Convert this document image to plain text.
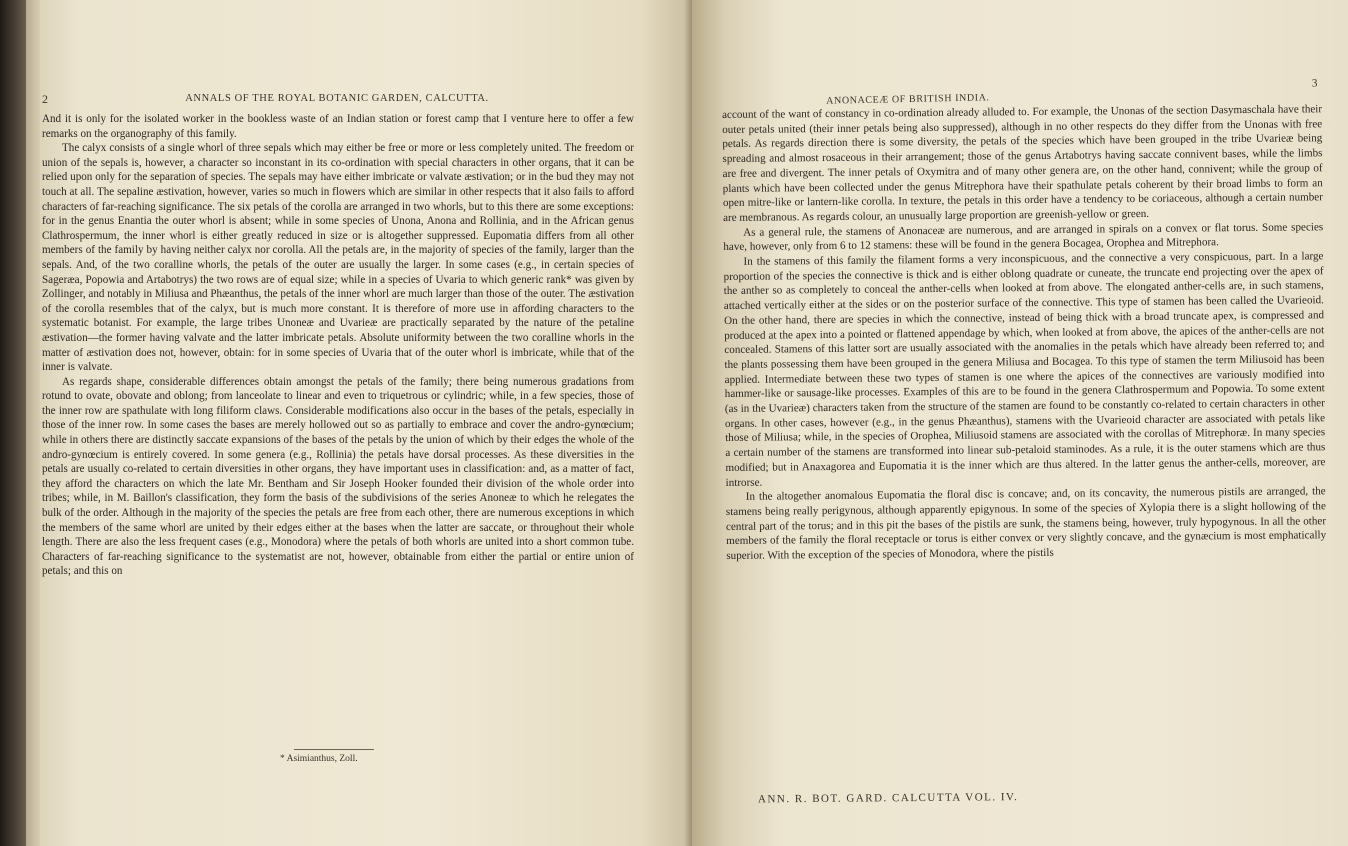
2	ANNALS OF THE ROYAL BOTANIC GARDEN, CALCUTTA.

And it is only for the isolated worker in the bookless waste of an Indian station or forest camp that I venture here to offer a few remarks on the organography of this family.

The calyx consists of a single whorl of three sepals which may either be free or more or less completely united. The freedom or union of the sepals is, however, a character so inconstant in its co-ordination with special characters in other organs, that it can be relied upon only for the separation of species. The sepals may have either imbricate or valvate æstivation; or in the bud they may not touch at all. The sepaline æstivation, however, varies so much in flowers which are similar in other respects that it also fails to afford characters of far-reaching significance. The six petals of the corolla are arranged in two whorls, but to this there are some exceptions: for in the genus Enantia the outer whorl is absent; while in some species of Unona, Anona and Rollinia, and in the African genus Clathrospermum, the inner whorl is either greatly reduced in size or is altogether suppressed. Eupomatia differs from all other members of the family by having neither calyx nor corolla. All the petals are, in the majority of species of the family, larger than the sepals. And, of the two coralline whorls, the petals of the outer are usually the larger. In some cases (e.g., in certain species of Sageræa, Popowia and Artabotrys) the two rows are of equal size; while in a species of Uvaria to which generic rank* was given by Zollinger, and notably in Miliusa and Phæanthus, the petals of the inner whorl are much larger than those of the outer. The æstivation of the corolla resembles that of the calyx, but is much more constant. It is therefore of more use in affording characters to the systematic botanist. For example, the large tribes Unoneæ and Uvarieæ are practically separated by the nature of the petaline æstivation—the former having valvate and the latter imbricate petals. Absolute uniformity between the two coralline whorls in the matter of æstivation does not, however, obtain: for in some species of Uvaria that of the outer whorl is imbricate, while that of the inner is valvate.

As regards shape, considerable differences obtain amongst the petals of the family; there being numerous gradations from rotund to ovate, obovate and oblong; from lanceolate to linear and even to triquetrous or cylindric; while, in a few species, those of the inner row are spathulate with long filiform claws. Considerable modifications also occur in the bases of the petals, especially in those of the inner row. In some cases the bases are merely hollowed out so as partially to embrace and cover the andro-gynœcium; while in others there are distinctly saccate expansions of the bases of the petals by the union of which by their edges the whole of the andro-gynœcium is entirely covered. In some genera (e.g., Rollinia) the petals have dorsal processes. As these diversities in the petals are usually co-related to certain diversities in other organs, they have important uses in classification: and, as a matter of fact, they afford the characters on which the late Mr. Bentham and Sir Joseph Hooker founded their division of the whole order into tribes; while, in M. Baillon's classification, they form the basis of the subdivisions of the series Anoneæ to which he relegates the bulk of the order. Although in the majority of the species the petals are free from each other, there are numerous exceptions in which the members of the same whorl are united by their edges either at the bases when the latter are saccate, or throughout their whole length. There are also the less frequent cases (e.g., Monodora) where the petals of both whorls are united into a short common tube. Characters of far-reaching significance to the systematist are not, however, obtainable from either the partial or entire union of petals; and this on

* Asimianthus, Zoll.
ANONACEÆ OF BRITISH INDIA.
3

account of the want of constancy in co-ordination already alluded to. For example, the Unonas of the section Dasymaschala have their outer petals united (their inner petals being also suppressed), although in no other respects do they differ from the Unonas with free petals. As regards direction there is some diversity, the petals of the species which have been grouped in the tribe Uvarieæ being spreading and almost rosaceous in their arrangement; those of the genus Artabotrys having saccate connivent bases, while the limbs are free and divergent. The inner petals of Oxymitra and of many other genera are, on the other hand, connivent; while the group of plants which have been collected under the genus Mitrephora have their spathulate petals coherent by their broad limbs to form an open mitre-like or lantern-like corolla. In texture, the petals in this order have a tendency to be coriaceous, although a certain number are membranous. As regards colour, an unusually large proportion are greenish-yellow or green.

As a general rule, the stamens of Anonaceæ are numerous, and are arranged in spirals on a convex or flat torus. Some species have, however, only from 6 to 12 stamens: these will be found in the genera Bocagea, Orophea and Mitrephora.

In the stamens of this family the filament forms a very inconspicuous, and the connective a very conspicuous, part. In a large proportion of the species the connective is thick and is either oblong quadrate or cuneate, the truncate end projecting over the apex of the anther so as completely to conceal the anther-cells when looked at from above. The elongated anther-cells are, in such stamens, attached vertically either at the sides or on the posterior surface of the connective. This type of stamen has been called the Uvarieoid. On the other hand, there are species in which the connective, instead of being thick with a broad truncate apex, is compressed and produced at the apex into a pointed or flattened appendage by which, when looked at from above, the apices of the anther-cells are not concealed. Stamens of this latter sort are usually associated with the anomalies in the petals which have already been referred to; and the plants possessing them have been grouped in the genera Miliusa and Bocagea. To this type of stamen the term Miliusoid has been applied. Intermediate between these two types of stamen is one where the apices of the connectives are variously modified into hammer-like or sausage-like processes. Examples of this are to be found in the genera Clathrospermum and Popowia. To some extent (as in the Uvarieæ) characters taken from the structure of the stamen are found to be constantly co-related to certain characters in other organs. In other cases, however (e.g., in the genus Phæanthus), stamens with the Uvarieoid character are associated with petals like those of Miliusa; while, in the species of Orophea, Miliusoid stamens are associated with the corollas of Mitrephoræ. In many species a certain number of the stamens are transformed into linear sub-petaloid staminodes. As a rule, it is the outer stamens which are thus modified; but in Anaxagorea and Eupomatia it is the inner which are thus altered. In the latter genus the anther-cells, moreover, are introrse.

In the altogether anomalous Eupomatia the floral disc is concave; and, on its concavity, the numerous pistils are arranged, the stamens being really perigynous, although apparently epigynous. In some of the species of Xylopia there is a slight hollowing of the central part of the torus; and in this pit the bases of the pistils are sunk, the stamens being, however, truly hypogynous. In all the other members of the family the floral receptacle or torus is either convex or very slightly concave, and the gynæcium is most emphatically superior. With the exception of the species of Monodora, where the pistils

ANN. R. BOT. GARD. CALCUTTA VOL. IV.
